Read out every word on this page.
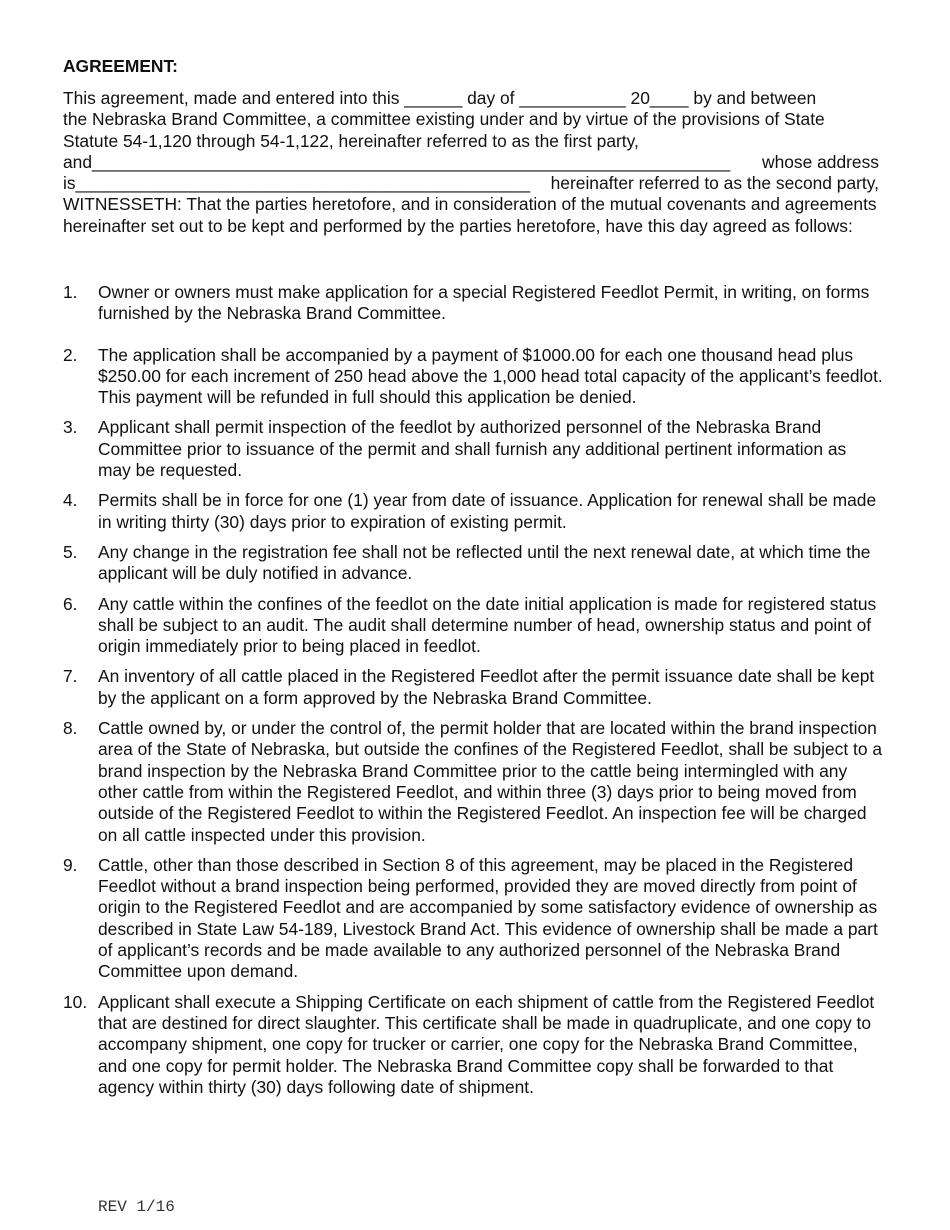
AGREEMENT:
This agreement, made and entered into this ______ day of ___________ 20____ by and between
the Nebraska Brand Committee, a committee existing under and by virtue of the provisions of State
Statute 54-1,120 through 54-1,122, hereinafter referred to as the first party,
and__________________________________________________________________ whose address
is_______________________________________________ hereinafter referred to as the second party,

WITNESSETH: That the parties heretofore, and in consideration of the mutual covenants and agreements hereinafter set out to be kept and performed by the parties heretofore, have this day agreed as follows:

1.	Owner or owners must make application for a special Registered Feedlot Permit, in writing, on forms furnished by the Nebraska Brand Committee.
2.	The application shall be accompanied by a payment of $1000.00 for each one thousand head plus $250.00 for each increment of 250 head above the 1,000 head total capacity of the applicant’s feedlot. This payment will be refunded in full should this application be denied.
3.	Applicant shall permit inspection of the feedlot by authorized personnel of the Nebraska Brand Committee prior to issuance of the permit and shall furnish any additional pertinent information as may be requested.
4.	Permits shall be in force for one (1) year from date of issuance. Application for renewal shall be made in writing thirty (30) days prior to expiration of existing permit.
5.	Any change in the registration fee shall not be reflected until the next renewal date, at which time the applicant will be duly notified in advance.
6.	Any cattle within the confines of the feedlot on the date initial application is made for registered status shall be subject to an audit. The audit shall determine number of head, ownership status and point of origin immediately prior to being placed in feedlot.
7.	An inventory of all cattle placed in the Registered Feedlot after the permit issuance date shall be kept by the applicant on a form approved by the Nebraska Brand Committee.
8.	Cattle owned by, or under the control of, the permit holder that are located within the brand inspection area of the State of Nebraska, but outside the confines of the Registered Feedlot, shall be subject to a brand inspection by the Nebraska Brand Committee prior to the cattle being intermingled with any other cattle from within the Registered Feedlot, and within three (3) days prior to being moved from outside of the Registered Feedlot to within the Registered Feedlot. An inspection fee will be charged on all cattle inspected under this provision.
9.	Cattle, other than those described in Section 8 of this agreement, may be placed in the Registered Feedlot without a brand inspection being performed, provided they are moved directly from point of origin to the Registered Feedlot and are accompanied by some satisfactory evidence of ownership as described in State Law 54-189, Livestock Brand Act. This evidence of ownership shall be made a part of applicant’s records and be made available to any authorized personnel of the Nebraska Brand Committee upon demand.
10. Applicant shall execute a Shipping Certificate on each shipment of cattle from the Registered Feedlot that are destined for direct slaughter. This certificate shall be made in quadruplicate, and one copy to accompany shipment, one copy for trucker or carrier, one copy for the Nebraska Brand Committee, and one copy for permit holder. The Nebraska Brand Committee copy shall be forwarded to that agency within thirty (30) days following date of shipment.
REV 1/16
